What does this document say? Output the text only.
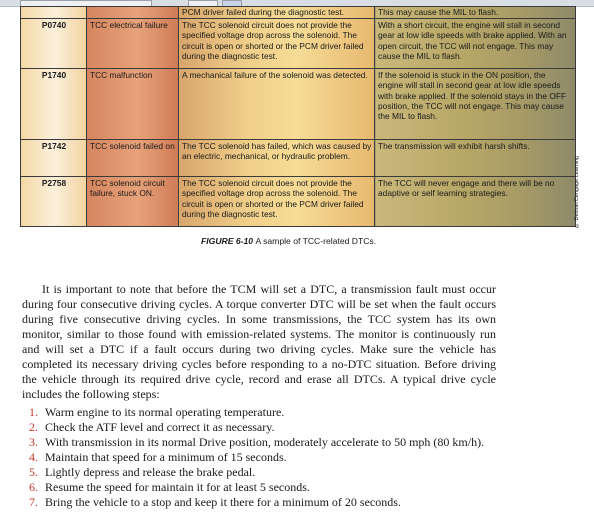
		PCM driver failed during the diagnostic test.	This may cause the MIL to flash.
P0740	TCC electrical failure	The TCC solenoid circuit does not provide the specified voltage drop across the solenoid. The circuit is open or shorted or the PCM driver failed during the diagnostic test.	With a short circuit, the engine will stall in second gear at low idle speeds with brake applied. With an open circuit, the TCC will not engage. This may cause the MIL to flash.
P1740	TCC malfunction	A mechanical failure of the solenoid was detected.	If the solenoid is stuck in the ON position, the engine will stall in second gear at low idle speeds with brake applied. If the solenoid stays in the OFF position, the TCC will not engage. This may cause the MIL to flash.
P1742	TCC solenoid failed on	The TCC solenoid has failed, which was caused by an electric, mechanical, or hydraulic problem.	The transmission will exhibit harsh shifts.
P2758	TCC solenoid circuit failure, stuck ON.	The TCC solenoid circuit does not provide the specified voltage drop across the solenoid. The circuit is open or shorted or the PCM driver failed during the diagnostic test.	The TCC will never engage and there will be no adaptive or self learning strategies.	© Delmar/Cengage Learning
FIGURE 6-10 A sample of TCC-related DTCs.
It is important to note that before the TCM will set a DTC, a transmission fault must occur during four consecutive driving cycles. A torque converter DTC will be set when the fault occurs during five consecutive driving cycles. In some transmissions, the TCC system has its own monitor, similar to those found with emission-related systems. The monitor is continuously run and will set a DTC if a fault occurs during two driving cycles. Make sure the vehicle has completed its necessary driving cycles before responding to a no-DTC situation. Before driving the vehicle through its required drive cycle, record and erase all DTCs. A typical drive cycle includes the following steps:
1. Warm engine to its normal operating temperature.
2. Check the ATF level and correct it as necessary.
3. With transmission in its normal Drive position, moderately accelerate to 50 mph (80 km/h).
4. Maintain that speed for a minimum of 15 seconds.
5. Lightly depress and release the brake pedal.
6. Resume the speed for maintain it for at least 5 seconds.
7. Bring the vehicle to a stop and keep it there for a minimum of 20 seconds.
